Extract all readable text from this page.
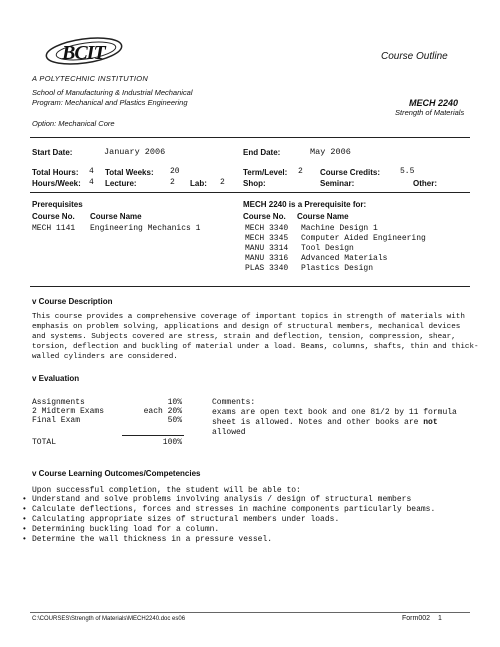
BCIT
A POLYTECHNIC INSTITUTION
School of Manufacturing & Industrial Mechanical
Program: Mechanical and Plastics Engineering
Option: Mechanical Core
Course Outline
MECH 2240
Strength of Materials
Start Date:	January 2006	End Date:	May 2006
Total Hours: 4 Total Weeks: 20	Term/Level: 2 Course Credits: 5.5
Hours/Week: 4 Lecture:	2 Lab: 2 Shop:	Seminar:	Other:
Prerequisites
Course No. Course Name
MECH 1141 Engineering Mechanics 1
MECH 2240 is a Prerequisite for:
Course No. Course Name
MECH 3340 Machine Design 1
MECH 3345 Computer Aided Engineering
MANU 3314 Tool Design
MANU 3316 Advanced Materials
PLAS 3340 Plastics Design
v Course Description
This course provides a comprehensive coverage of important topics in strength of materials with
emphasis on problem solving, applications and design of structural members, mechanical devices
and systems. Subjects covered are stress, strain and deflection, tension, compression, shear,
torsion, deflection and buckling of material under a load. Beams, columns, shafts, thin and thick-
walled cylinders are considered.
v Evaluation
Assignments	10%
2 Midterm Exams	each 20%
Final Exam	50%
TOTAL	100%
Comments:
exams are open text book and one 81/2 by 11 formula
sheet is allowed. Notes and other books are not
allowed
v Course Learning Outcomes/Competencies
Upon successful completion, the student will be able to:
• Understand and solve problems involving analysis / design of structural members
• Calculate deflections, forces and stresses in machine components particularly beams.
• Calculating appropriate sizes of structural members under loads.
• Determining buckling load for a column.
• Determine the wall thickness in a pressure vessel.
C:\COURSES\Strength of Materials\MECH2240.doc es06	Form002 1
